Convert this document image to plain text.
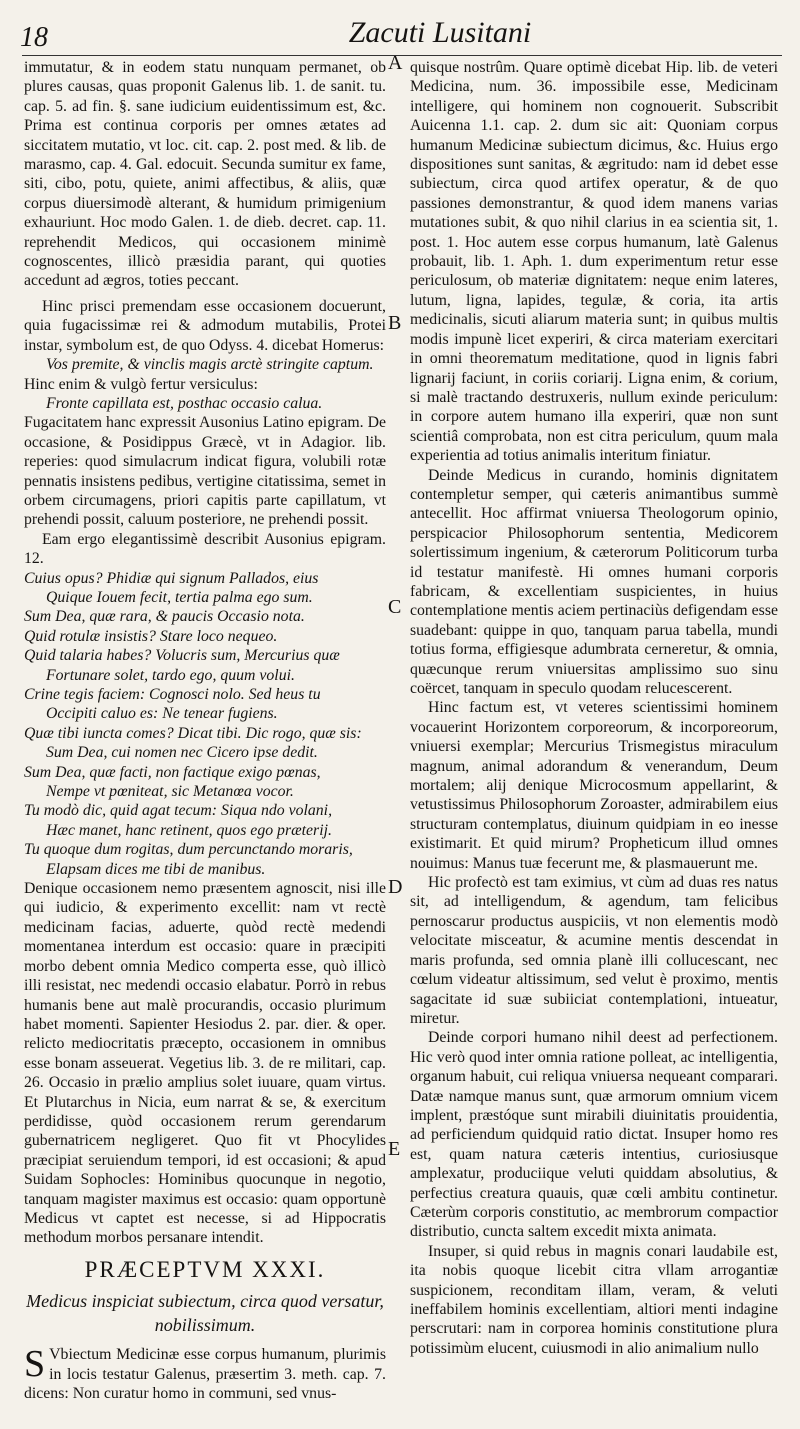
18	Zacuti Lusitani
A
B
C
D
E

immutatur, & in eodem statu nunquam permanet, ob plures causas, quas proponit Galenus lib. 1. de sanit. tu. cap. 5. ad fin. §. sane iudicium euidentissimum est, &c. Prima est continua corporis per omnes ætates ad siccitatem mutatio, vt loc. cit. cap. 2. post med. & lib. de marasmo, cap. 4. Gal. edocuit. Secunda sumitur ex fame, siti, cibo, potu, quiete, animi affectibus, & aliis, quæ corpus diuersimodè alterant, & humidum primigenium exhauriunt. Hoc modo Galen. 1. de dieb. decret. cap. 11. reprehendit Medicos, qui occasionem minimè cognoscentes, illicò præsidia parant, qui quoties accedunt ad ægros, toties peccant.

Hinc prisci premendam esse occasionem docuerunt, quia fugacissimæ rei & admodum mutabilis, Protei instar, symbolum est, de quo Odyss. 4. dicebat Homerus:

Vos premite, & vinclis magis arctè stringite captum.

Hinc enim & vulgò fertur versiculus:

Fronte capillata est, posthac occasio calua.

Fugacitatem hanc expressit Ausonius Latino epigram. De occasione, & Posidippus Græcè, vt in Adagior. lib. reperies: quod simulacrum indicat figura, volubili rotæ pennatis insistens pedibus, vertigine citatissima, semet in orbem circumagens, priori capitis parte capillatum, vt prehendi possit, caluum posteriore, ne prehendi possit.

Eam ergo elegantissimè describit Ausonius epigram. 12.

Cuius opus? Phidiæ qui signum Pallados, eius
Quique Iouem fecit, tertia palma ego sum.
Sum Dea, quæ rara, & paucis Occasio nota.
Quid rotulæ insistis? Stare loco nequeo.
Quid talaria habes? Volucris sum, Mercurius quæ
Fortunare solet, tardo ego, quum volui.
Crine tegis faciem: Cognosci nolo. Sed heus tu
Occipiti caluo es: Ne tenear fugiens.
Quæ tibi iuncta comes? Dicat tibi. Dic rogo, quæ sis:
Sum Dea, cui nomen nec Cicero ipse dedit.
Sum Dea, quæ facti, non factique exigo pœnas,
Nempe vt pœniteat, sic Metanœa vocor.
Tu modò dic, quid agat tecum: Siqua ndo volani,
Hæc manet, hanc retinent, quos ego præterij.
Tu quoque dum rogitas, dum percunctando moraris,
Elapsam dices me tibi de manibus.

Denique occasionem nemo præsentem agnoscit, nisi ille qui iudicio, & experimento excellit: nam vt rectè medicinam facias, aduerte, quòd rectè medendi momentanea interdum est occasio: quare in præcipiti morbo debent omnia Medico comperta esse, quò illicò illi resistat, nec medendi occasio elabatur. Porrò in rebus humanis bene aut malè procurandis, occasio plurimum habet momenti. Sapienter Hesiodus 2. par. dier. & oper. relicto mediocritatis præcepto, occasionem in omnibus esse bonam asseuerat. Vegetius lib. 3. de re militari, cap. 26. Occasio in prælio amplius solet iuuare, quam virtus. Et Plutarchus in Nicia, eum narrat & se, & exercitum perdidisse, quòd occasionem rerum gerendarum gubernatricem negligeret. Quo fit vt Phocylides præcipiat seruiendum tempori, id est occasioni; & apud Suidam Sophocles: Hominibus quocunque in negotio, tanquam magister maximus est occasio: quam opportunè Medicus vt captet est necesse, si ad Hippocratis methodum morbos persanare intendit.

PRÆCEPTVM XXXI.
Medicus inspiciat subiectum, circa quod versatur, nobilissimum.

S Vbiectum Medicinæ esse corpus humanum, plurimis in locis testatur Galenus, præsertim 3. meth. cap. 7. dicens: Non curatur homo in communi, sed vnus-

quisque nostrûm. Quare optimè dicebat Hip. lib. de veteri Medicina, num. 36. impossibile esse, Medicinam intelligere, qui hominem non cognouerit. Subscribit Auicenna 1.1. cap. 2. dum sic ait: Quoniam corpus humanum Medicinæ subiectum dicimus, &c. Huius ergo dispositiones sunt sanitas, & ægritudo: nam id debet esse subiectum, circa quod artifex operatur, & de quo passiones demonstrantur, & quod idem manens varias mutationes subit, & quo nihil clarius in ea scientia sit, 1. post. 1. Hoc autem esse corpus humanum, latè Galenus probauit, lib. 1. Aph. 1. dum experimentum retur esse periculosum, ob materiæ dignitatem: neque enim lateres, lutum, ligna, lapides, tegulæ, & coria, ita artis medicinalis, sicuti aliarum materia sunt; in quibus multis modis impunè licet experiri, & circa materiam exercitari in omni theorematum meditatione, quod in lignis fabri lignarij faciunt, in coriis coriarij. Ligna enim, & corium, si malè tractando destruxeris, nullum exinde periculum: in corpore autem humano illa experiri, quæ non sunt scientiâ comprobata, non est citra periculum, quum mala experientia ad totius animalis interitum finiatur.

Deinde Medicus in curando, hominis dignitatem contempletur semper, qui cæteris animantibus summè antecellit. Hoc affirmat vniuersa Theologorum opinio, perspicacior Philosophorum sententia, Medicorem solertissimum ingenium, & cæterorum Politicorum turba id testatur manifestè. Hi omnes humani corporis fabricam, & excellentiam suspicientes, in huius contemplatione mentis aciem pertinaciùs defigendam esse suadebant: quippe in quo, tanquam parua tabella, mundi totius forma, effigiesque adumbrata cerneretur, & omnia, quæcunque rerum vniuersitas amplissimo suo sinu coërcet, tanquam in speculo quodam relucescerent.

Hinc factum est, vt veteres scientissimi hominem vocauerint Horizontem corporeorum, & incorporeorum, vniuersi exemplar; Mercurius Trismegistus miraculum magnum, animal adorandum & venerandum, Deum mortalem; alij denique Microcosmum appellarint, & vetustissimus Philosophorum Zoroaster, admirabilem eius structuram contemplatus, diuinum quidpiam in eo inesse existimarit. Et quid mirum? Propheticum illud omnes nouimus: Manus tuæ fecerunt me, & plasmauerunt me.

Hic profectò est tam eximius, vt cùm ad duas res natus sit, ad intelligendum, & agendum, tam felicibus pernoscarur productus auspiciis, vt non elementis modò velocitate misceatur, & acumine mentis descendat in maris profunda, sed omnia planè illi collucescant, nec cœlum videatur altissimum, sed velut è proximo, mentis sagacitate id suæ subiiciat contemplationi, intueatur, miretur.

Deinde corpori humano nihil deest ad perfectionem. Hic verò quod inter omnia ratione polleat, ac intelligentia, organum habuit, cui reliqua vniuersa nequeant comparari. Datæ namque manus sunt, quæ armorum omnium vicem implent, præstóque sunt mirabili diuinitatis prouidentia, ad perficiendum quidquid ratio dictat. Insuper homo res est, quam natura cæteris intentius, curiosiusque amplexatur, produciique veluti quiddam absolutius, & perfectius creatura quauis, quæ cœli ambitu continetur. Cæterùm corporis constitutio, ac membrorum compactior distributio, cuncta saltem excedit mixta animata.

Insuper, si quid rebus in magnis conari laudabile est, ita nobis quoque licebit citra vllam arrogantiæ suspicionem, reconditam illam, veram, & veluti ineffabilem hominis excellentiam, altiori menti indagine perscrutari: nam in corporea hominis constitutione plura potissimùm elucent, cuiusmodi in alio animalium nullo
